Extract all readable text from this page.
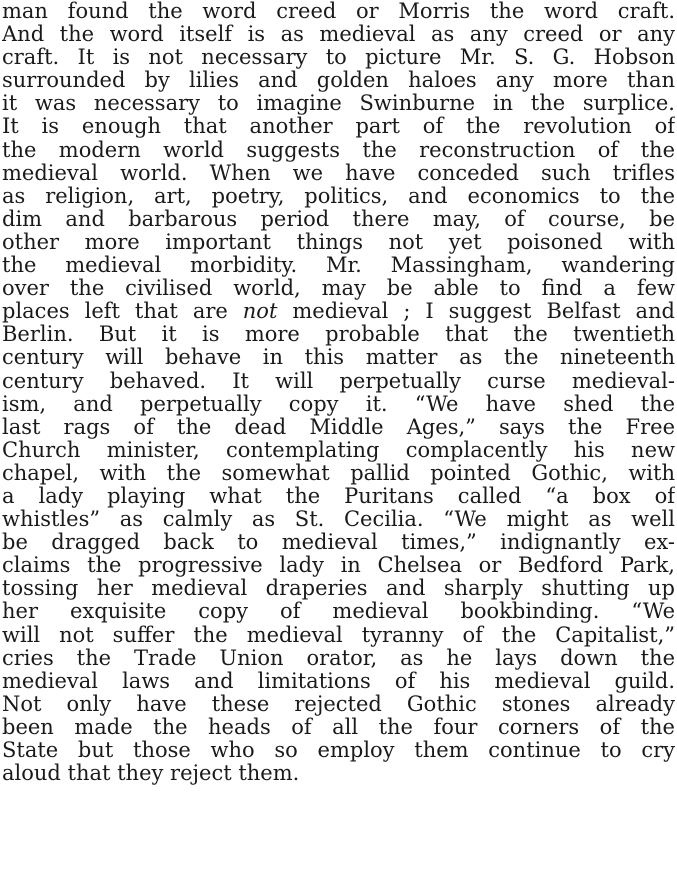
man found the word creed or Morris the word craft.
And the word itself is as medieval as any creed or any
craft. It is not necessary to picture Mr. S. G. Hobson
surrounded by lilies and golden haloes any more than
it was necessary to imagine Swinburne in the surplice.
It is enough that another part of the revolution of
the modern world suggests the reconstruction of the
medieval world. When we have conceded such trifles
as religion, art, poetry, politics, and economics to the
dim and barbarous period there may, of course, be
other more important things not yet poisoned with
the medieval morbidity. Mr. Massingham, wandering
over the civilised world, may be able to find a few
places left that are not medieval ; I suggest Belfast and
Berlin. But it is more probable that the twentieth
century will behave in this matter as the nineteenth
century behaved. It will perpetually curse medieval-
ism, and perpetually copy it. “We have shed the
last rags of the dead Middle Ages,” says the Free
Church minister, contemplating complacently his new
chapel, with the somewhat pallid pointed Gothic, with
a lady playing what the Puritans called “a box of
whistles” as calmly as St. Cecilia. “We might as well
be dragged back to medieval times,” indignantly ex-
claims the progressive lady in Chelsea or Bedford Park,
tossing her medieval draperies and sharply shutting up
her exquisite copy of medieval bookbinding. “We
will not suffer the medieval tyranny of the Capitalist,”
cries the Trade Union orator, as he lays down the
medieval laws and limitations of his medieval guild.
Not only have these rejected Gothic stones already
been made the heads of all the four corners of the
State but those who so employ them continue to cry
aloud that they reject them.
